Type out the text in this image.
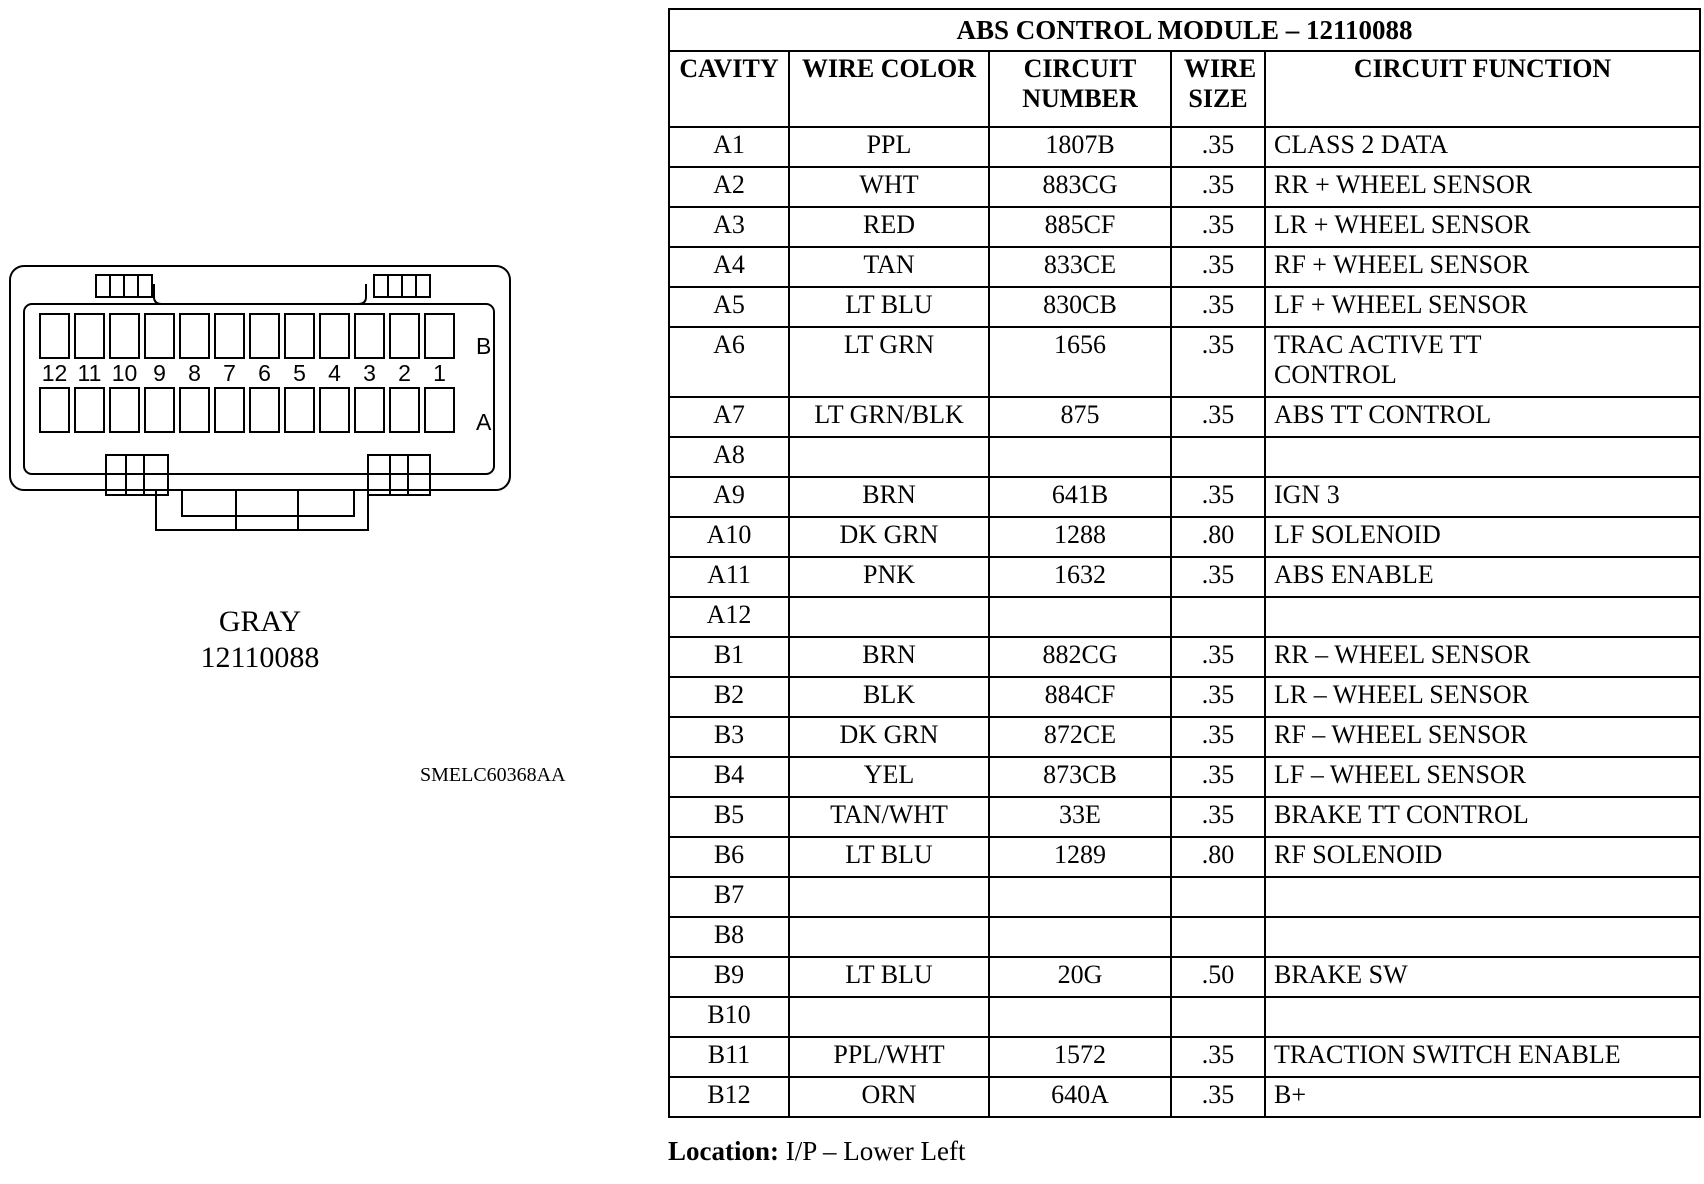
B
A
12 11 10 9 8 7 6 5 4 3 2 1
GRAY
12110088
SMELC60368AA
ABS CONTROL MODULE – 12110088				
CAVITY	WIRE COLOR	CIRCUIT NUMBER	WIRE SIZE	CIRCUIT FUNCTION
A1	PPL	1807B	.35	CLASS 2 DATA
A2	WHT	883CG	.35	RR + WHEEL SENSOR
A3	RED	885CF	.35	LR + WHEEL SENSOR
A4	TAN	833CE	.35	RF + WHEEL SENSOR
A5	LT BLU	830CB	.35	LF + WHEEL SENSOR
A6	LT GRN	1656	.35	TRAC ACTIVE TT
CONTROL
A7	LT GRN/BLK	875	.35	ABS TT CONTROL
A8				
A9	BRN	641B	.35	IGN 3
A10	DK GRN	1288	.80	LF SOLENOID
A11	PNK	1632	.35	ABS ENABLE
A12				
B1	BRN	882CG	.35	RR – WHEEL SENSOR
B2	BLK	884CF	.35	LR – WHEEL SENSOR
B3	DK GRN	872CE	.35	RF – WHEEL SENSOR
B4	YEL	873CB	.35	LF – WHEEL SENSOR
B5	TAN/WHT	33E	.35	BRAKE TT CONTROL
B6	LT BLU	1289	.80	RF SOLENOID
B7				
B8				
B9	LT BLU	20G	.50	BRAKE SW
B10				
B11	PPL/WHT	1572	.35	TRACTION SWITCH ENABLE
B12	ORN	640A	.35	B+
Location: I/P – Lower Left
